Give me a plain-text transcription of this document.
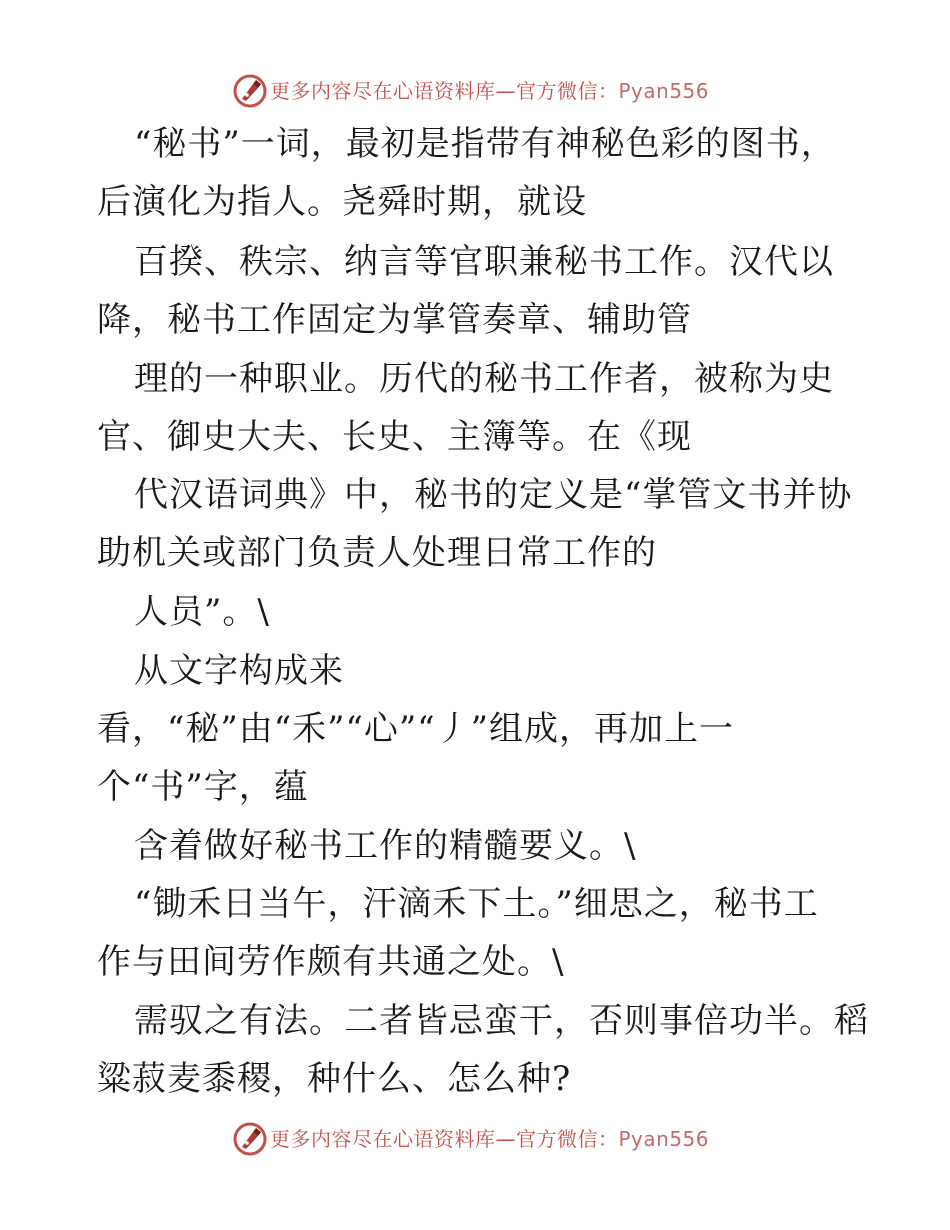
更多内容尽在心语资料库—官方微信：Pyan556
“秘书”一词，最初是指带有神秘色彩的图书，
后演化为指人。尧舜时期，就设
百揆、秩宗、纳言等官职兼秘书工作。汉代以
降，秘书工作固定为掌管奏章、辅助管
理的一种职业。历代的秘书工作者，被称为史
官、御史大夫、长史、主簿等。在《现
代汉语词典》中，秘书的定义是“掌管文书并协
助机关或部门负责人处理日常工作的
人员”。\
从文字构成来
看，“秘”由“禾”“心”“丿”组成，再加上一
个“书”字，蕴
含着做好秘书工作的精髓要义。\
“锄禾日当午，汗滴禾下土。”细思之，秘书工
作与田间劳作颇有共通之处。\
需驭之有法。二者皆忌蛮干，否则事倍功半。稻
粱菽麦黍稷，种什么、怎么种?
更多内容尽在心语资料库—官方微信：Pyan556
